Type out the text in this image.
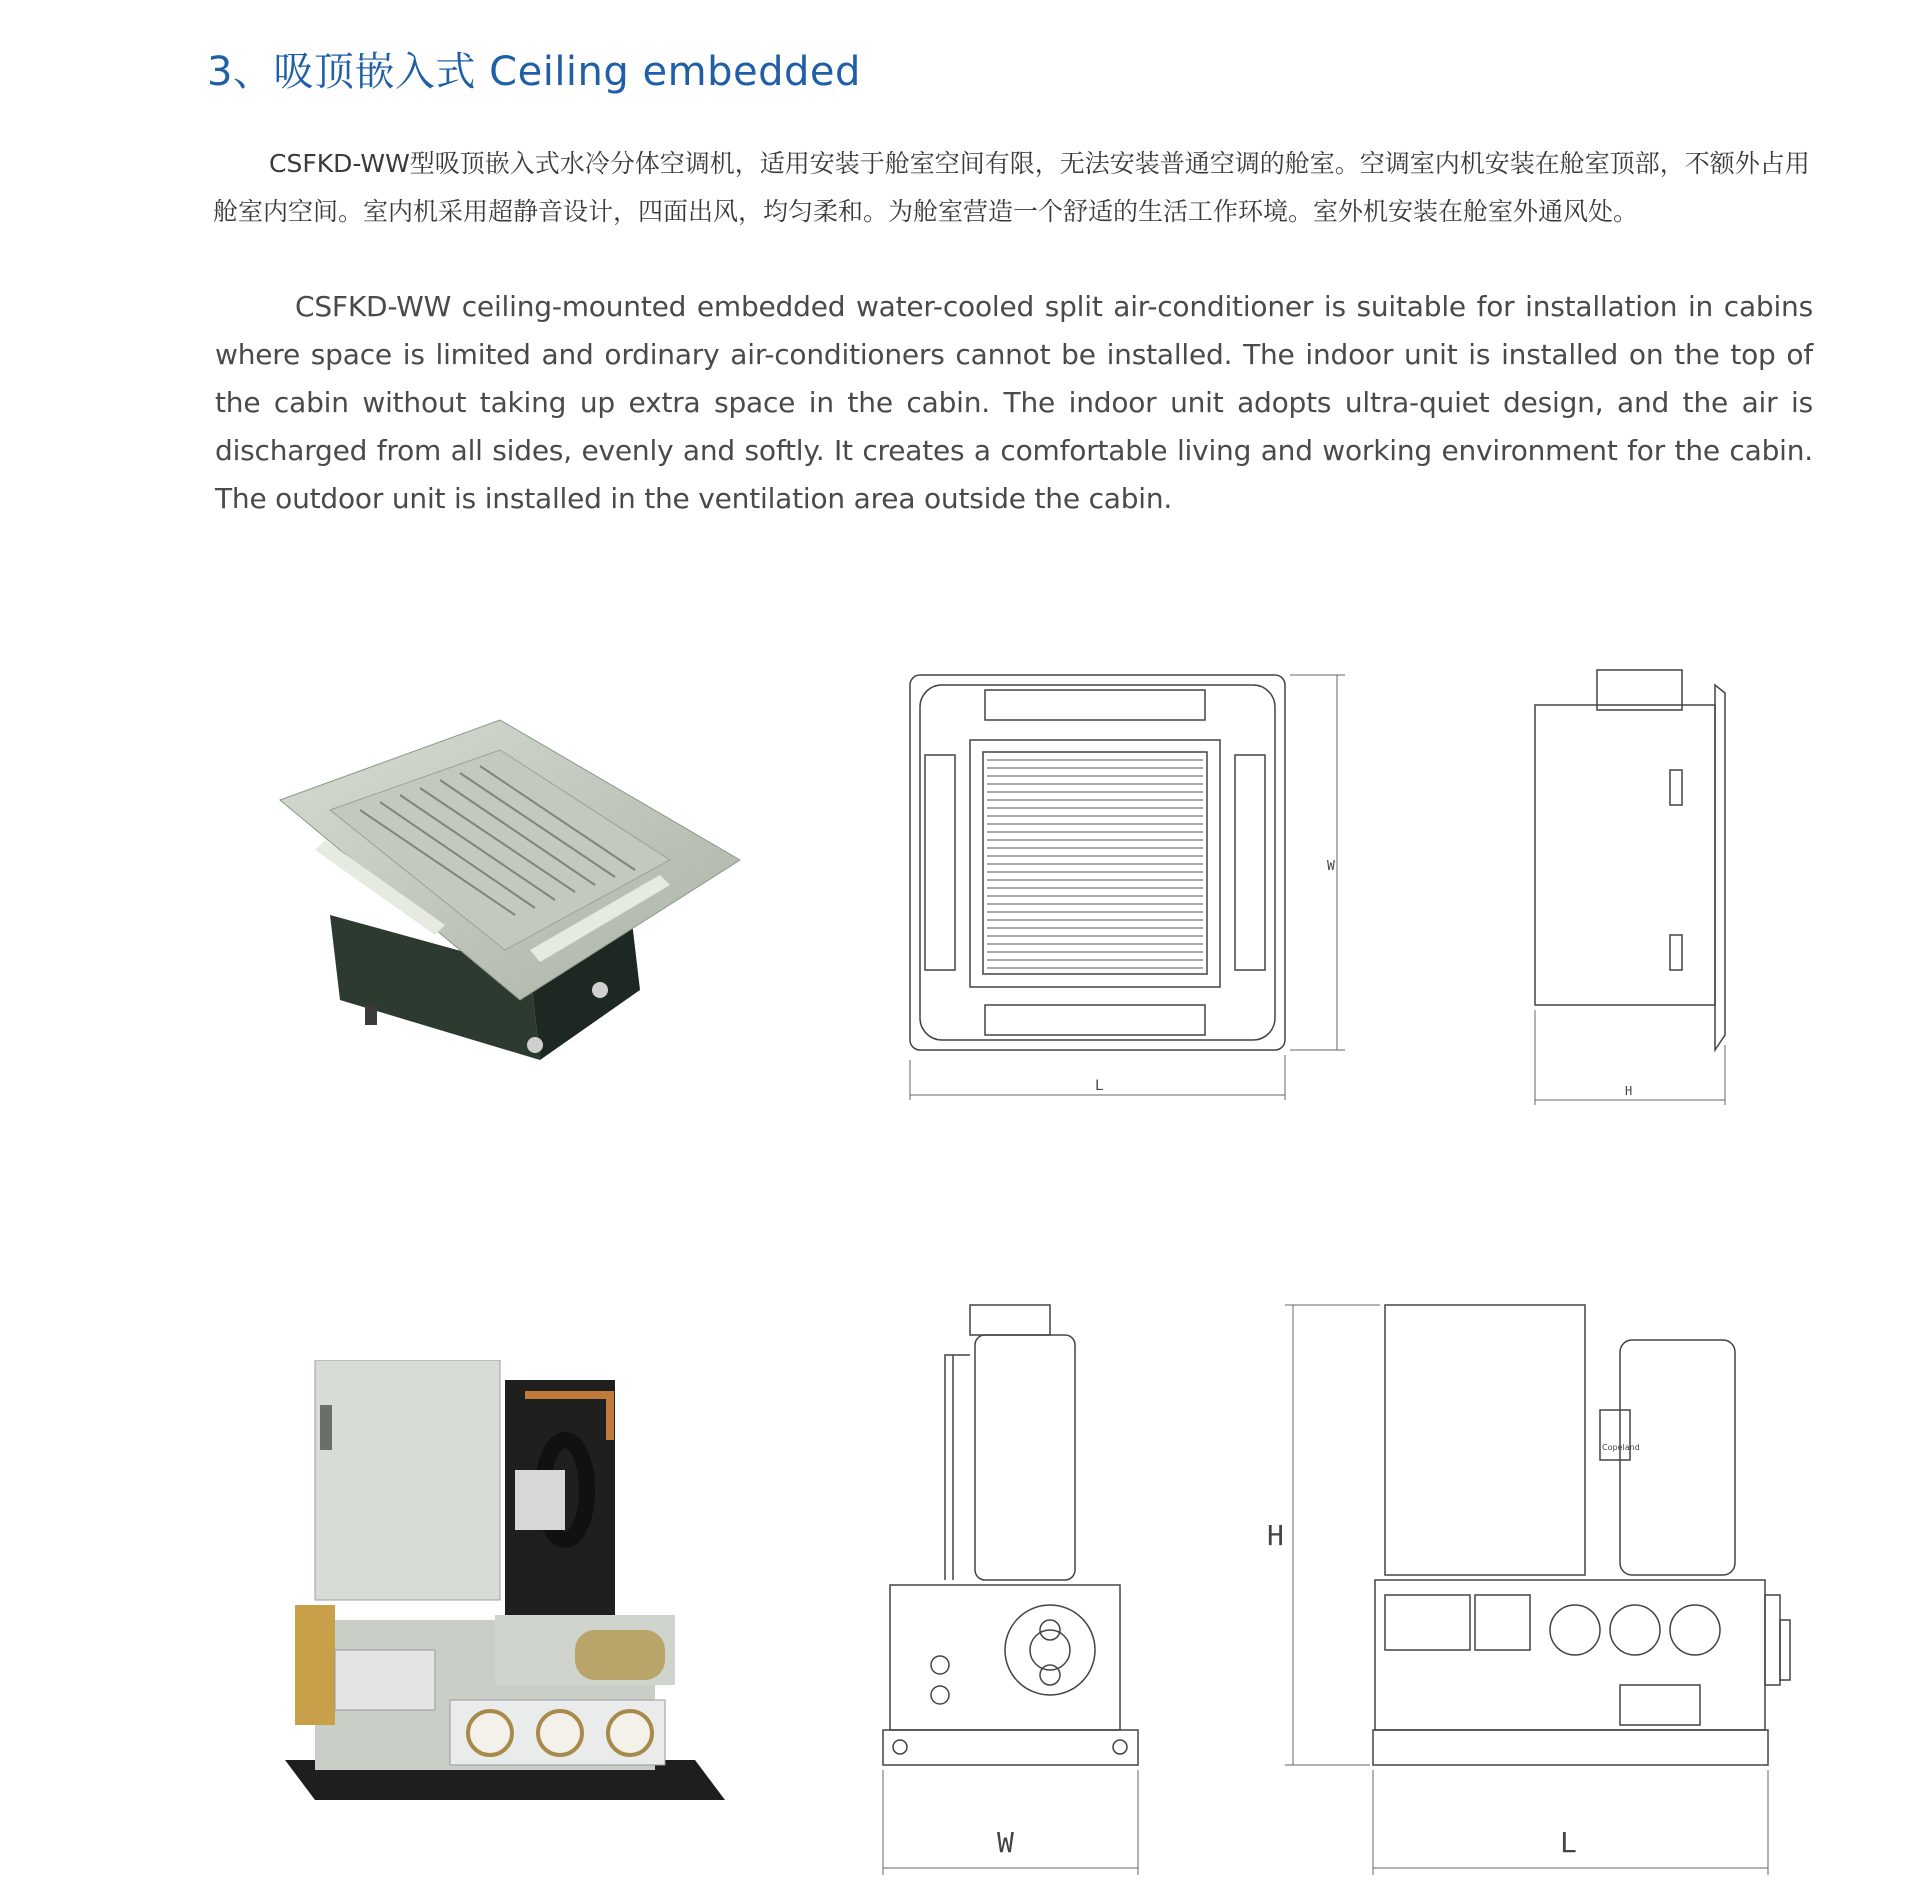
3、吸顶嵌入式 Ceiling embedded

CSFKD-WW型吸顶嵌入式水冷分体空调机，适用安装于舱室空间有限，无法安装普通空调的舱室。空调室内机安装在舱室顶部，不额外占用舱室内空间。室内机采用超静音设计，四面出风，均匀柔和。为舱室营造一个舒适的生活工作环境。室外机安装在舱室外通风处。

CSFKD-WW ceiling-mounted embedded water-cooled split air-conditioner is suitable for installation in cabins where space is limited and ordinary air-conditioners cannot be installed. The indoor unit is installed on the top of the cabin without taking up extra space in the cabin. The indoor unit adopts ultra-quiet design, and the air is discharged from all sides, evenly and softly. It creates a comfortable living and working environment for the cabin. The outdoor unit is installed in the ventilation area outside the cabin.

L
W
H
W
Copeland
H
L
